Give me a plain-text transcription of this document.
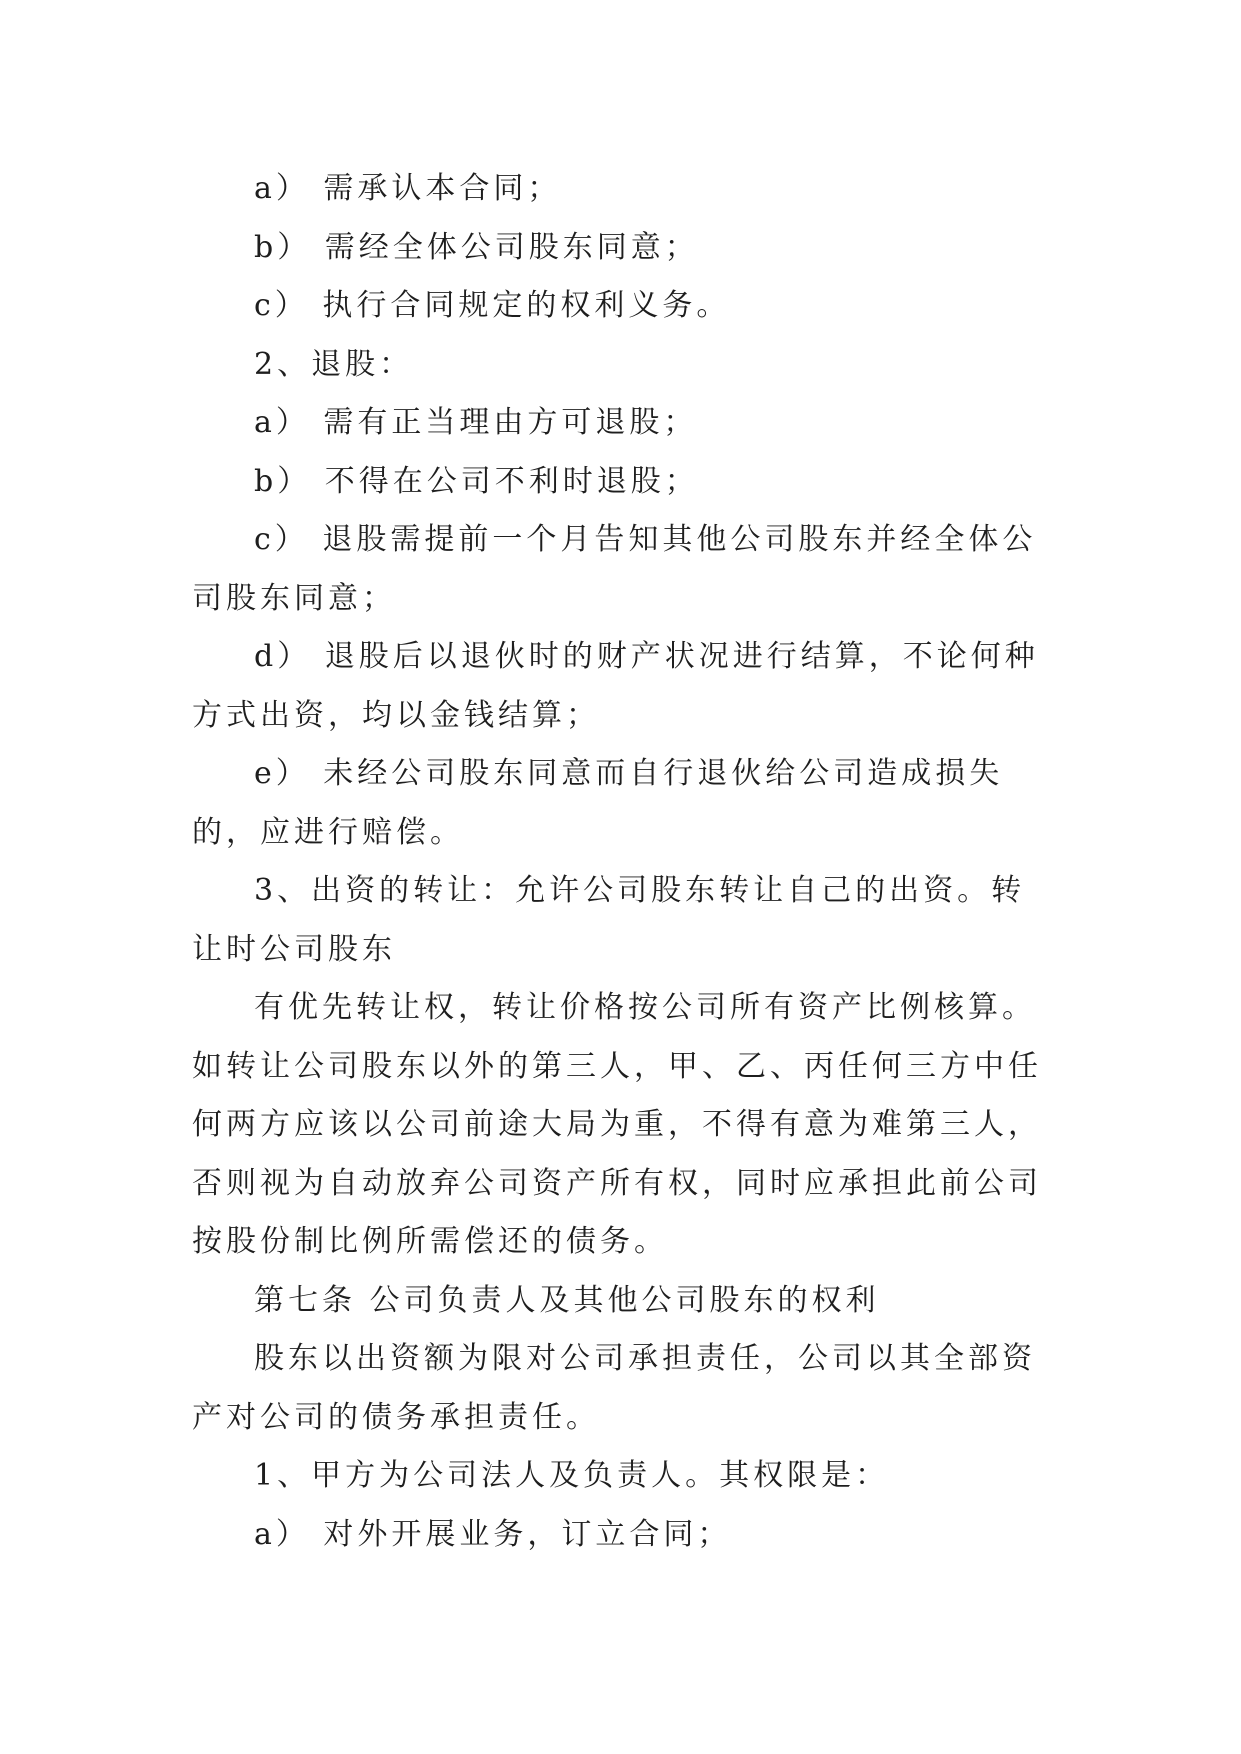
a） 需承认本合同；

b） 需经全体公司股东同意；

c） 执行合同规定的权利义务。

2、退股：

a） 需有正当理由方可退股；

b） 不得在公司不利时退股；

c） 退股需提前一个月告知其他公司股东并经全体公司股东同意；

d） 退股后以退伙时的财产状况进行结算，不论何种方式出资，均以金钱结算；

e） 未经公司股东同意而自行退伙给公司造成损失的，应进行赔偿。

3、出资的转让：允许公司股东转让自己的出资。转让时公司股东

有优先转让权，转让价格按公司所有资产比例核算。如转让公司股东以外的第三人，甲、乙、丙任何三方中任何两方应该以公司前途大局为重，不得有意为难第三人，否则视为自动放弃公司资产所有权，同时应承担此前公司按股份制比例所需偿还的债务。

第七条 公司负责人及其他公司股东的权利

股东以出资额为限对公司承担责任，公司以其全部资产对公司的债务承担责任。

1、甲方为公司法人及负责人。其权限是：

a） 对外开展业务，订立合同；
